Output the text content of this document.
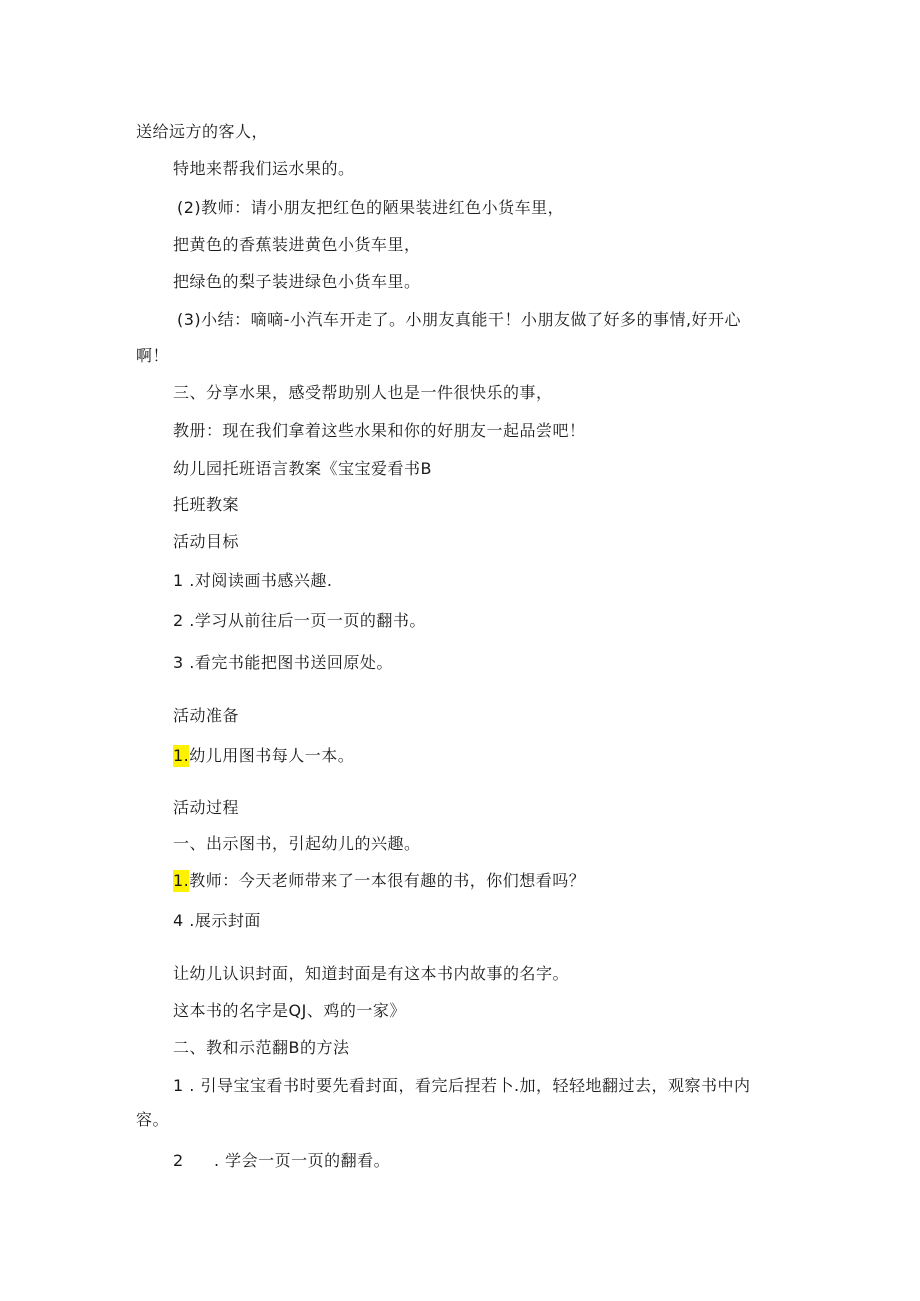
送给远方的客人，
特地来帮我们运水果的。
(2)教师：请小朋友把红色的陋果装进红色小货车里，
把黄色的香蕉装进黄色小货车里，
把绿色的梨子装进绿色小货车里。
(3)小结：嘀嘀-小汽车开走了。小朋友真能干！小朋友做了好多的事情,好开心
啊！
三、分享水果，感受帮助别人也是一件很快乐的事，
教册：现在我们拿着这些水果和你的好朋友一起品尝吧！
幼儿园托班语言教案《宝宝爱看书B
托班教案
活动目标
1 .对阅读画书感兴趣.
2 .学习从前往后一页一页的翻书。
3 .看完书能把图书送回原处。
活动准备
1.幼儿用图书每人一本。
活动过程
一、出示图书，引起幼儿的兴趣。
1.教师：今天老师带来了一本很有趣的书，你们想看吗？
4 .展示封面
让幼儿认识封面，知道封面是有这本书内故事的名字。
这本书的名字是QJ、鸡的一家》
二、教和示范翻B的方法
1 . 引导宝宝看书时要先看封面，看完后捏若卜.加，轻轻地翻过去，观察书中内
容。
2 . 学会一页一页的翻看。
